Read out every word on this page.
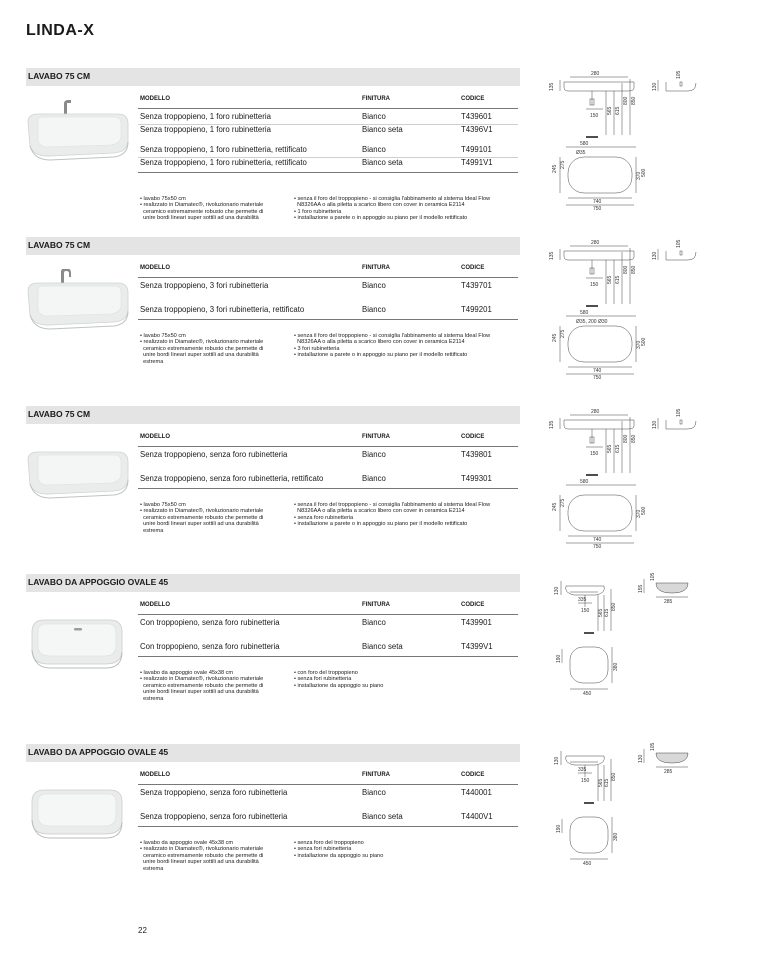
LINDA-X
LAVABO 75 CM
MODELLO	FINITURA	CODICE
Senza troppopieno, 1 foro rubinetteria	Bianco	T439601
Senza troppopieno, 1 foro rubinetteria	Bianco seta	T4396V1
Senza troppopieno, 1 foro rubinetteria, rettificato	Bianco	T499101
Senza troppopieno, 1 foro rubinetteria, rettificato	Bianco seta	T4991V1
• lavabo 75x50 cm
• realizzato in Diamatec®, rivoluzionario materiale
ceramico estremamente robusto che permette di
unire bordi lineari super sottili ad una durabilità
• senza il foro del troppopieno - si consiglia l'abbinamento al sistema Ideal Flow
N8326AA o alla piletta a scarico libero con cover in ceramica E2114
• 1 foro rubinetteria
• installazione a parete o in appoggio su piano per il modello rettificato
280
135
150
565 615
800 850
130
105
580
Ø35
245 275
370 500
740
750
LAVABO 75 CM
MODELLO	FINITURA	CODICE
Senza troppopieno, 3 fori rubinetteria	Bianco	T439701
Senza troppopieno, 3 fori rubinetteria, rettificato	Bianco	T499201
• lavabo 75x50 cm
• realizzato in Diamatec®, rivoluzionario materiale
ceramico estremamente robusto che permette di
unire bordi lineari super sottili ad una durabilità
estrema
• senza il foro del troppopieno - si consiglia l'abbinamento al sistema Ideal Flow
N8326AA o alla piletta a scarico libero con cover in ceramica E2114
• 3 fori rubinetteria
• installazione a parete o in appoggio su piano per il modello rettificato
280
135
150
565 615
800 850
130
105
580
Ø35, 200 Ø30
245 275
370 500
740
750
LAVABO 75 CM
MODELLO	FINITURA	CODICE
Senza troppopieno, senza foro rubinetteria	Bianco	T439801
Senza troppopieno, senza foro rubinetteria, rettificato	Bianco	T499301
• lavabo 75x50 cm
• realizzato in Diamatec®, rivoluzionario materiale
ceramico estremamente robusto che permette di
unire bordi lineari super sottili ad una durabilità
estrema
• senza il foro del troppopieno - si consiglia l'abbinamento al sistema Ideal Flow
N8326AA o alla piletta a scarico libero con cover in ceramica E2114
• senza foro rubinetteria
• installazione a parete o in appoggio su piano per il modello rettificato
280
135
150
565 615
800 850
130
105
580
245 275
370 500
740
750
LAVABO DA APPOGGIO OVALE 45
MODELLO	FINITURA	CODICE
Con troppopieno, senza foro rubinetteria	Bianco	T439901
Con troppopieno, senza foro rubinetteria	Bianco seta	T4399V1
• lavabo da appoggio ovale 45x38 cm
• realizzato in Diamatec®, rivoluzionario materiale
ceramico estremamente robusto che permette di
unire bordi lineari super sottili ad una durabilità
estrema
• con foro del troppopieno
• senza fori rubinetteria
• installazione da appoggio su piano
335
130
150 565 615
850
155
105
285
190
380
450
LAVABO DA APPOGGIO OVALE 45
MODELLO	FINITURA	CODICE
Senza troppopieno, senza foro rubinetteria	Bianco	T440001
Senza troppopieno, senza foro rubinetteria	Bianco seta	T4400V1
• lavabo da appoggio ovale 45x38 cm
• realizzato in Diamatec®, rivoluzionario materiale
ceramico estremamente robusto che permette di
unire bordi lineari super sottili ad una durabilità
estrema
• senza foro del troppopieno
• senza fori rubinetteria
• installazione da appoggio su piano
335
130
150 565 615
850
130
105
285
190
380
450
22
